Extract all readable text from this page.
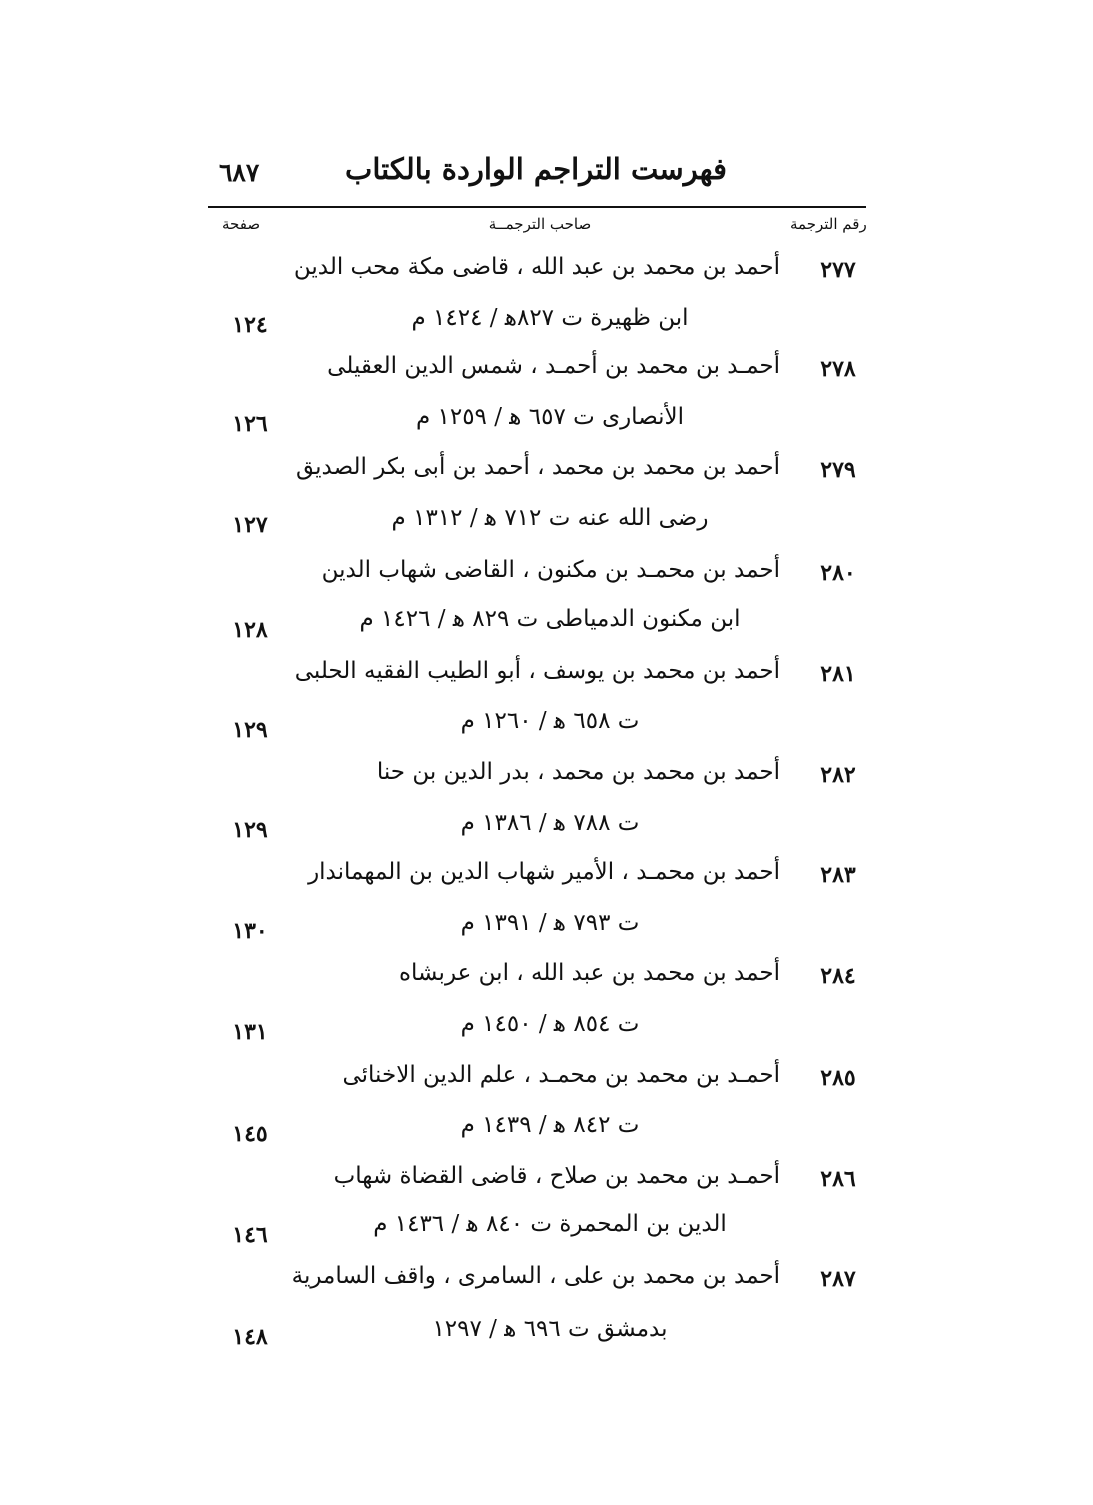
٦٨٧	فهرست التراجم الواردة بالكتاب
رقم الترجمة
صاحب الترجمــة
صفحة
٢٧٧
أحمد بن محمد بن عبد الله ، قاضى مكة محب الدين
ابن ظهيرة ت ٨٢٧ﻫ / ١٤٢٤ م
١٢٤
٢٧٨
أحمـد بن محمد بن أحمـد ، شمس الدين العقيلى
الأنصارى ت ٦٥٧ ﻫ / ١٢٥٩ م
١٢٦
٢٧٩
أحمد بن محمد بن محمد ، أحمد بن أبى بكر الصديق
رضى الله عنه ت ٧١٢ ﻫ / ١٣١٢ م
١٢٧
٢٨٠
أحمد بن محمـد بن مكنون ، القاضى شهاب الدين
ابن مكنون الدمياطى ت ٨٢٩ ﻫ / ١٤٢٦ م
١٢٨
٢٨١
أحمد بن محمد بن يوسف ، أبو الطيب الفقيه الحلبى
ت ٦٥٨ ﻫ / ١٢٦٠ م
١٢٩
٢٨٢
أحمد بن محمد بن محمد ، بدر الدين بن حنا
ت ٧٨٨ ﻫ / ١٣٨٦ م
١٢٩
٢٨٣
أحمد بن محمـد ، الأمير شهاب الدين بن المهماندار
ت ٧٩٣ ﻫ / ١٣٩١ م
١٣٠
٢٨٤
أحمد بن محمد بن عبد الله ، ابن عربشاه
ت ٨٥٤ ﻫ / ١٤٥٠ م
١٣١
٢٨٥
أحمـد بن محمد بن محمـد ، علم الدين الاخنائى
ت ٨٤٢ ﻫ / ١٤٣٩ م
١٤٥
٢٨٦
أحمـد بن محمد بن صلاح ، قاضى القضاة شهاب
الدين بن المحمرة ت ٨٤٠ ﻫ / ١٤٣٦ م
١٤٦
٢٨٧
أحمد بن محمد بن على ، السامرى ، واقف السامرية
بدمشق ت ٦٩٦ ﻫ / ١٢٩٧
١٤٨
